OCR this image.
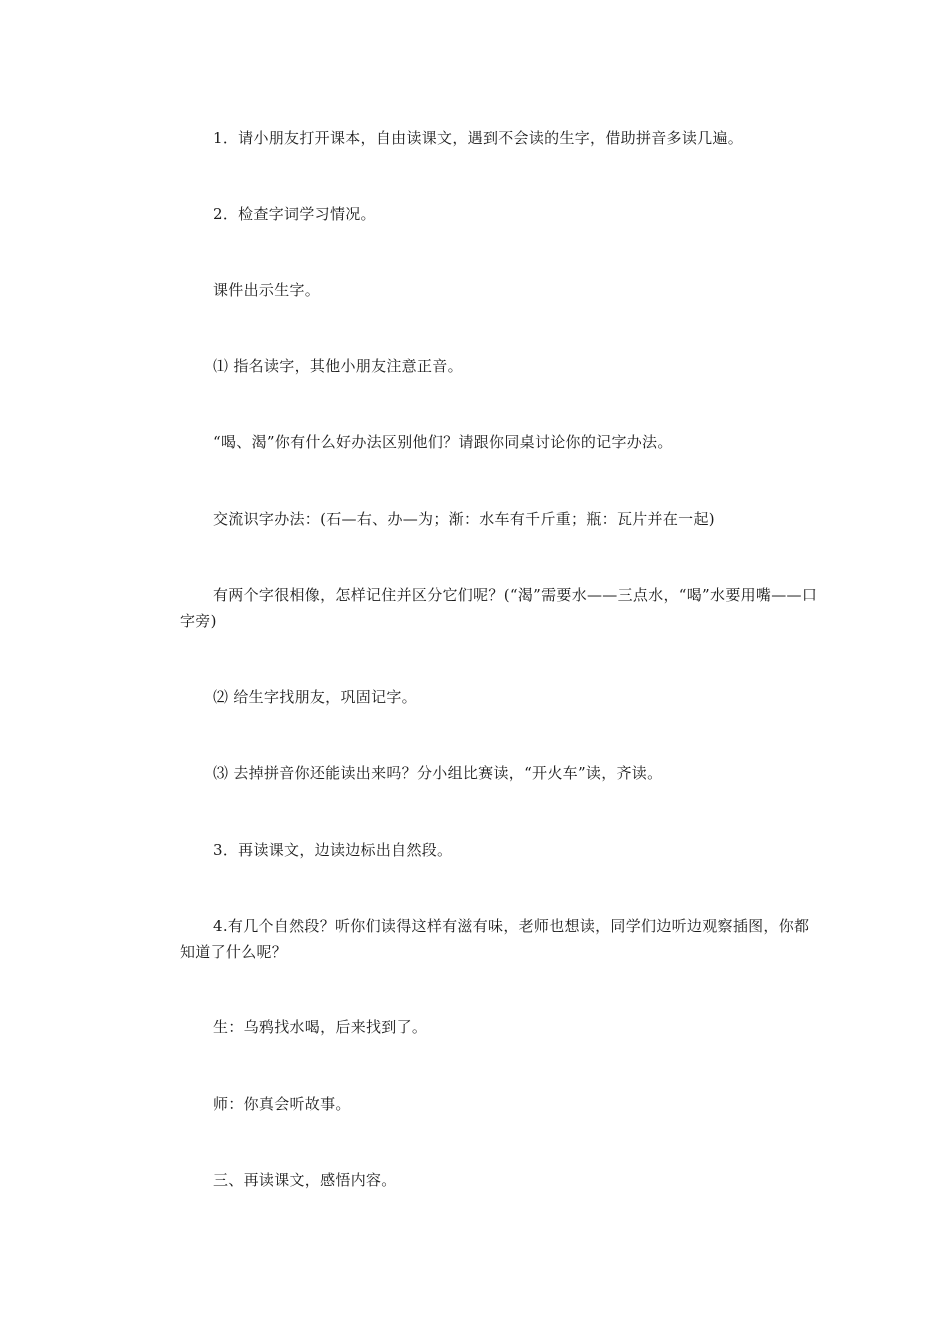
1．请小朋友打开课本，自由读课文，遇到不会读的生字，借助拼音多读几遍。

2．检查字词学习情况。

课件出示生字。

⑴ 指名读字，其他小朋友注意正音。

“喝、渴”你有什么好办法区别他们？请跟你同桌讨论你的记字办法。

交流识字办法：(石—右、办—为；渐：水车有千斤重；瓶：瓦片并在一起)

有两个字很相像，怎样记住并区分它们呢？(“渴”需要水——三点水，“喝”水要用嘴——口字旁)

⑵ 给生字找朋友，巩固记字。

⑶ 去掉拼音你还能读出来吗？分小组比赛读，“开火车”读，齐读。

3．再读课文，边读边标出自然段。

4.有几个自然段？听你们读得这样有滋有味，老师也想读，同学们边听边观察插图，你都知道了什么呢？

生：乌鸦找水喝，后来找到了。

师：你真会听故事。

三、再读课文，感悟内容。
